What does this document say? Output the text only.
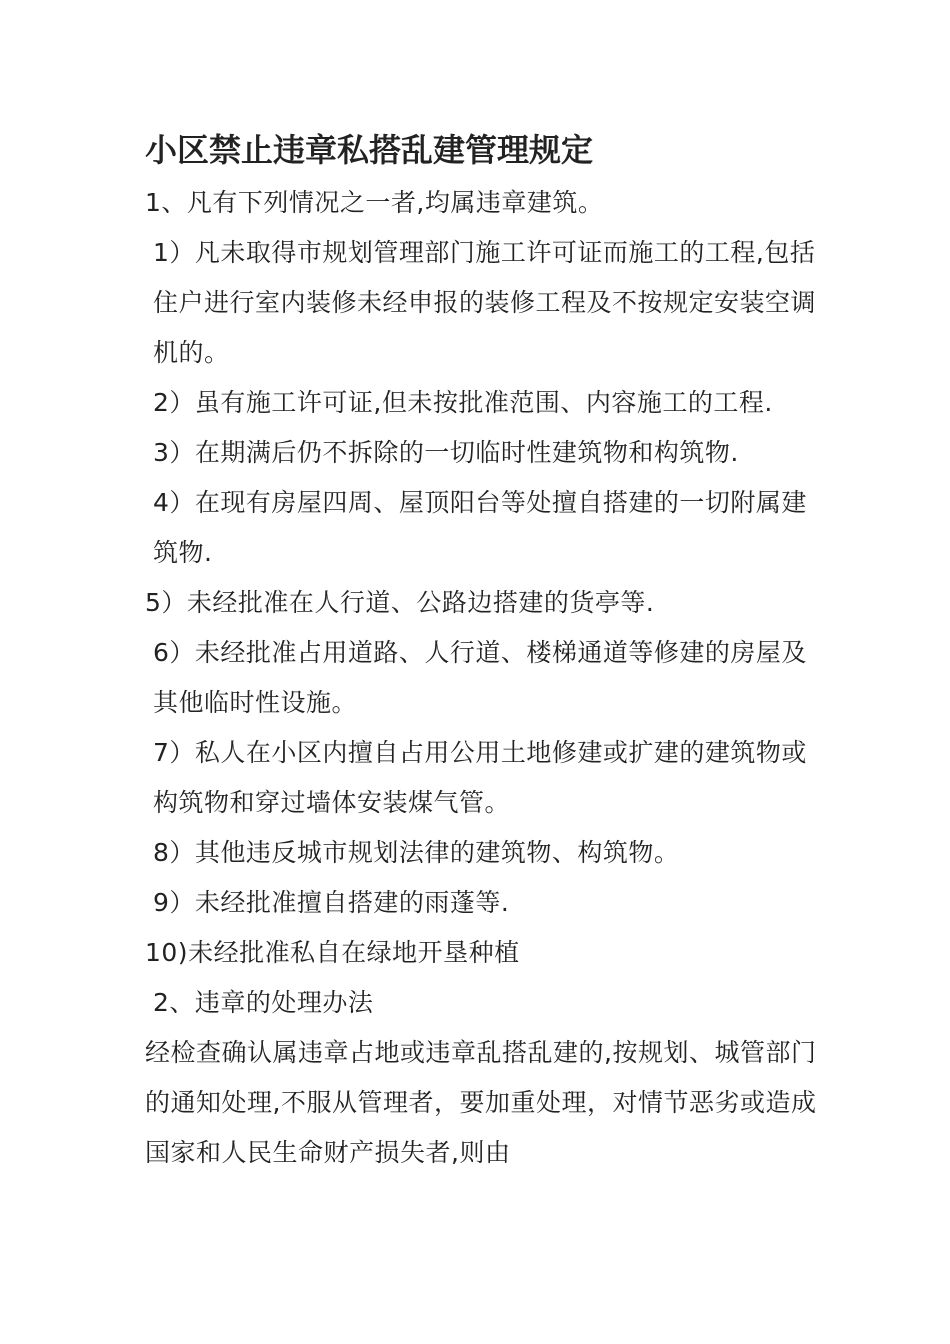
小区禁止违章私搭乱建管理规定

1、凡有下列情况之一者,均属违章建筑。

1）凡未取得市规划管理部门施工许可证而施工的工程,包括住户进行室内装修未经申报的装修工程及不按规定安装空调机的。

2）虽有施工许可证,但未按批准范围、内容施工的工程.

3）在期满后仍不拆除的一切临时性建筑物和构筑物.

4）在现有房屋四周、屋顶阳台等处擅自搭建的一切附属建筑物.

5）未经批准在人行道、公路边搭建的货亭等.

6）未经批准占用道路、人行道、楼梯通道等修建的房屋及其他临时性设施。

7）私人在小区内擅自占用公用土地修建或扩建的建筑物或构筑物和穿过墙体安装煤气管。

8）其他违反城市规划法律的建筑物、构筑物。

9）未经批准擅自搭建的雨蓬等.

10)未经批准私自在绿地开垦种植

2、违章的处理办法

经检查确认属违章占地或违章乱搭乱建的,按规划、城管部门的通知处理,不服从管理者，要加重处理，对情节恶劣或造成国家和人民生命财产损失者,则由
